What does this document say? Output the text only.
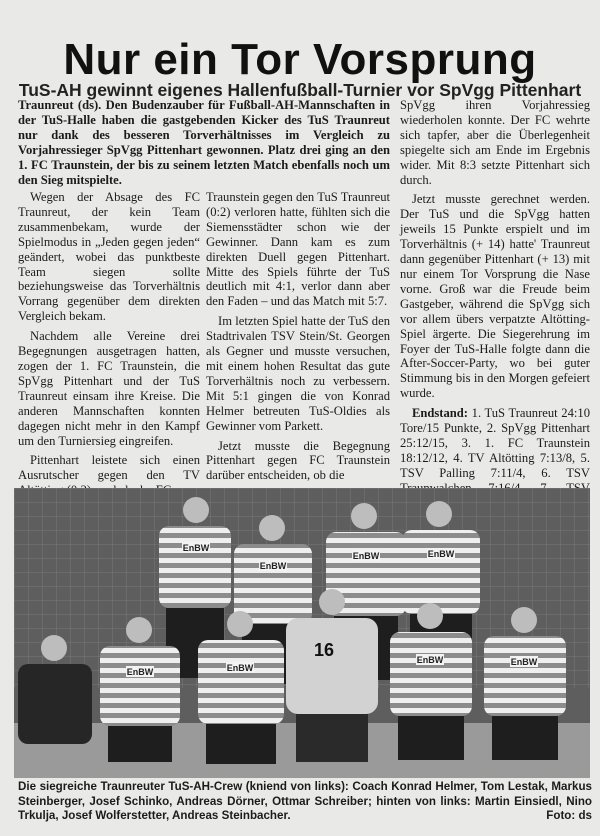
Nur ein Tor Vorsprung
TuS-AH gewinnt eigenes Hallenfußball-Turnier vor SpVgg Pittenhart

Traunreut (ds). Den Budenzauber für Fußball-AH-Mannschaften in der TuS-Halle haben die gastgebenden Kicker des TuS Traunreut nur dank des besseren Torverhältnisses im Vergleich zu Vorjahressieger SpVgg Pittenhart gewonnen. Platz drei ging an den 1. FC Traunstein, der bis zu seinem letzten Match ebenfalls noch um den Sieg mitspielte.

Wegen der Absage des FC Traunreut, der kein Team zusammenbekam, wurde der Spielmodus in „Jeden gegen jeden“ geändert, wobei das punktbeste Team siegen sollte beziehungsweise das Torverhältnis Vorrang gegenüber dem direkten Vergleich bekam.

Nachdem alle Vereine drei Begegnungen ausgetragen hatten, zogen der 1. FC Traunstein, die SpVgg Pittenhart und der TuS Traunreut einsam ihre Kreise. Die anderen Mannschaften konnten dagegen nicht mehr in den Kampf um den Turniersieg eingreifen.

Pittenhart leistete sich einen Ausrutscher gegen den TV

Traunstein gegen den TuS Traunreut (0:2) verloren hatte, fühlten sich die Siemensstädter schon wie der Gewinner. Dann kam es zum direkten Duell gegen Pittenhart. Mitte des Spiels führte der TuS deutlich mit 4:1, verlor dann aber den Faden – und das Match mit 5:7.

Im letzten Spiel hatte der TuS den Stadtrivalen TSV Stein/St. Georgen als Gegner und musste versuchen, mit einem hohen Resultat das gute Torverhältnis noch zu verbessern. Mit 5:1 gingen die von Konrad Helmer betreuten TuS-Oldies als Gewinner vom Parkett.

Jetzt musste die Begegnung Pittenhart gegen FC Traunstein darüber entscheiden, ob die

SpVgg ihren Vorjahressieg wiederholen konnte. Der FC wehrte sich tapfer, aber die Überlegenheit spiegelte sich am Ende im Ergebnis wider. Mit 8:3 setzte Pittenhart sich durch.

Jetzt musste gerechnet werden. Der TuS und die SpVgg hatten jeweils 15 Punkte erspielt und im Torverhältnis (+ 14) hatte' Traunreut dann gegenüber Pittenhart (+ 13) mit nur einem Tor Vorsprung die Nase vorne. Groß war die Freude beim Gastgeber, während die SpVgg sich vor allem übers verpatzte Altötting-Spiel ärgerte. Die Siegerehrung im Foyer der TuS-Halle folgte dann die After-Soccer-Party, wo bei guter Stimmung bis in den Morgen gefeiert wurde.

Endstand: 1. TuS Traunreut 24:10 Tore/15 Punkte, 2. SpVgg Pittenhart 25:12/15, 3. 1. FC Traunstein 18:12/12, 4. TV Altötting 7:13/8, 5. TSV Palling 7:11/4, 6. TSV

EnBW
EnBW
EnBW	EnBW
EnBW	EnBW
EnBW	EnBW
16

Die siegreiche Traunreuter TuS-AH-Crew (kniend von links): Coach Konrad Helmer, Tom Lestak, Markus Steinberger, Josef Schinko, Andreas Dörner, Ottmar Schreiber; hinten von links: Martin Einsiedl, Nino Trkulja, Josef Wolferstetter, Andreas Steinbacher.	Foto: ds
